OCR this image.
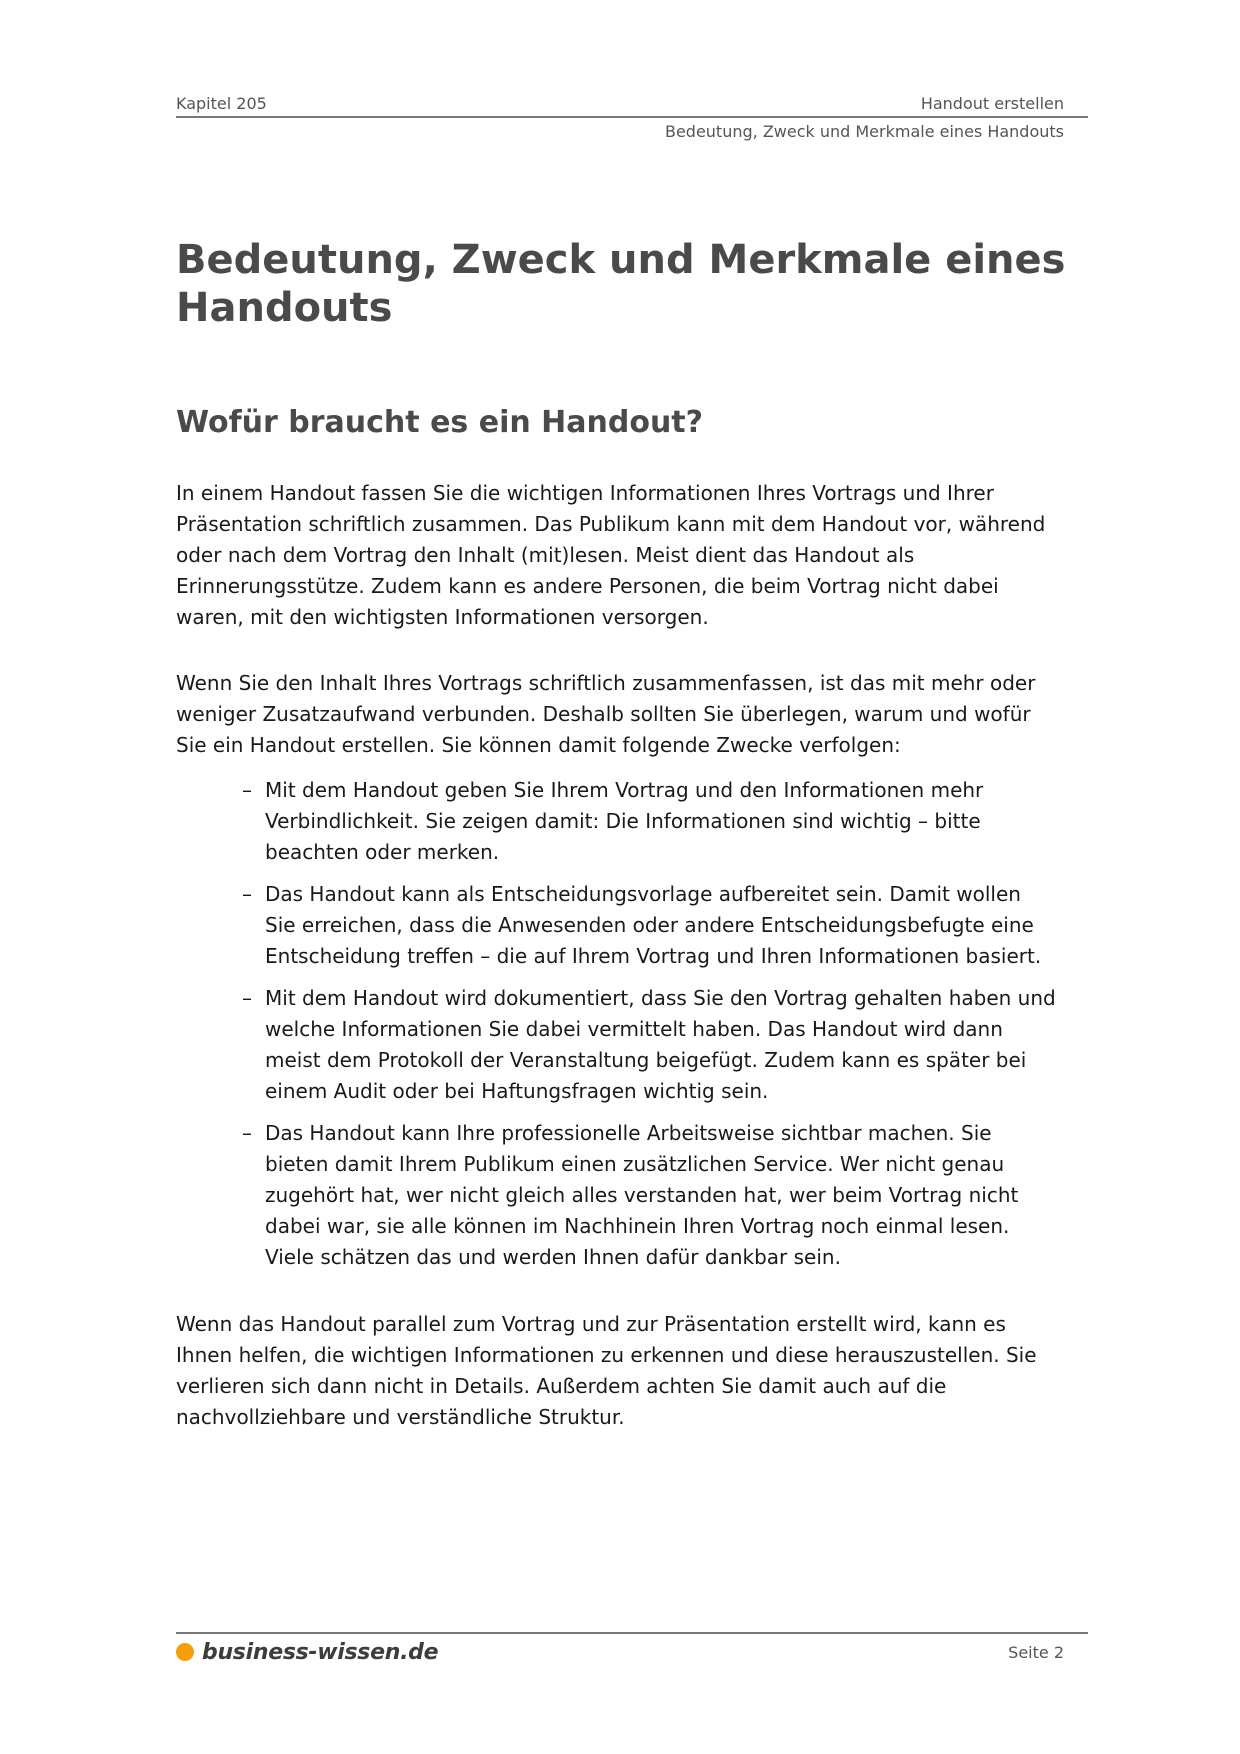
Kapitel 205	Handout erstellen
Bedeutung, Zweck und Merkmale eines Handouts
Bedeutung, Zweck und Merkmale eines
Handouts
Wofür braucht es ein Handout?
In einem Handout fassen Sie die wichtigen Informationen Ihres Vortrags und Ihrer
Präsentation schriftlich zusammen. Das Publikum kann mit dem Handout vor, während
oder nach dem Vortrag den Inhalt (mit)lesen. Meist dient das Handout als
Erinnerungsstütze. Zudem kann es andere Personen, die beim Vortrag nicht dabei
waren, mit den wichtigsten Informationen versorgen.
Wenn Sie den Inhalt Ihres Vortrags schriftlich zusammenfassen, ist das mit mehr oder
weniger Zusatzaufwand verbunden. Deshalb sollten Sie überlegen, warum und wofür
Sie ein Handout erstellen. Sie können damit folgende Zwecke verfolgen:
– Mit dem Handout geben Sie Ihrem Vortrag und den Informationen mehr
Verbindlichkeit. Sie zeigen damit: Die Informationen sind wichtig – bitte
beachten oder merken.
– Das Handout kann als Entscheidungsvorlage aufbereitet sein. Damit wollen
Sie erreichen, dass die Anwesenden oder andere Entscheidungsbefugte eine
Entscheidung treffen – die auf Ihrem Vortrag und Ihren Informationen basiert.
– Mit dem Handout wird dokumentiert, dass Sie den Vortrag gehalten haben und
welche Informationen Sie dabei vermittelt haben. Das Handout wird dann
meist dem Protokoll der Veranstaltung beigefügt. Zudem kann es später bei
einem Audit oder bei Haftungsfragen wichtig sein.
– Das Handout kann Ihre professionelle Arbeitsweise sichtbar machen. Sie
bieten damit Ihrem Publikum einen zusätzlichen Service. Wer nicht genau
zugehört hat, wer nicht gleich alles verstanden hat, wer beim Vortrag nicht
dabei war, sie alle können im Nachhinein Ihren Vortrag noch einmal lesen.
Viele schätzen das und werden Ihnen dafür dankbar sein.
Wenn das Handout parallel zum Vortrag und zur Präsentation erstellt wird, kann es
Ihnen helfen, die wichtigen Informationen zu erkennen und diese herauszustellen. Sie
verlieren sich dann nicht in Details. Außerdem achten Sie damit auch auf die
nachvollziehbare und verständliche Struktur.
business-wissen.de	Seite 2
